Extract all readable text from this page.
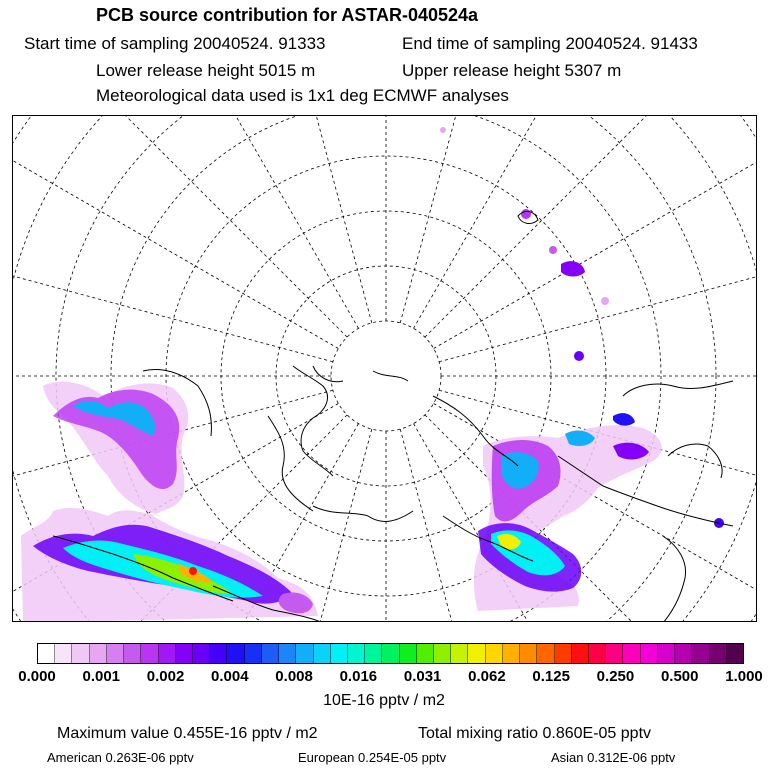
PCB source contribution for ASTAR-040524a
Start time of sampling 20040524. 91333	End time of sampling 20040524. 91433
Lower release height 5015 m	Upper release height 5307 m
Meteorological data used is 1x1 deg ECMWF analyses
0.000 0.001 0.002 0.004 0.008 0.016 0.031 0.062 0.125 0.250 0.500 1.000
10E-16 pptv / m2
Maximum value 0.455E-16 pptv / m2	Total mixing ratio 0.860E-05 pptv
American 0.263E-06 pptv	European 0.254E-05 pptv	Asian 0.312E-06 pptv
